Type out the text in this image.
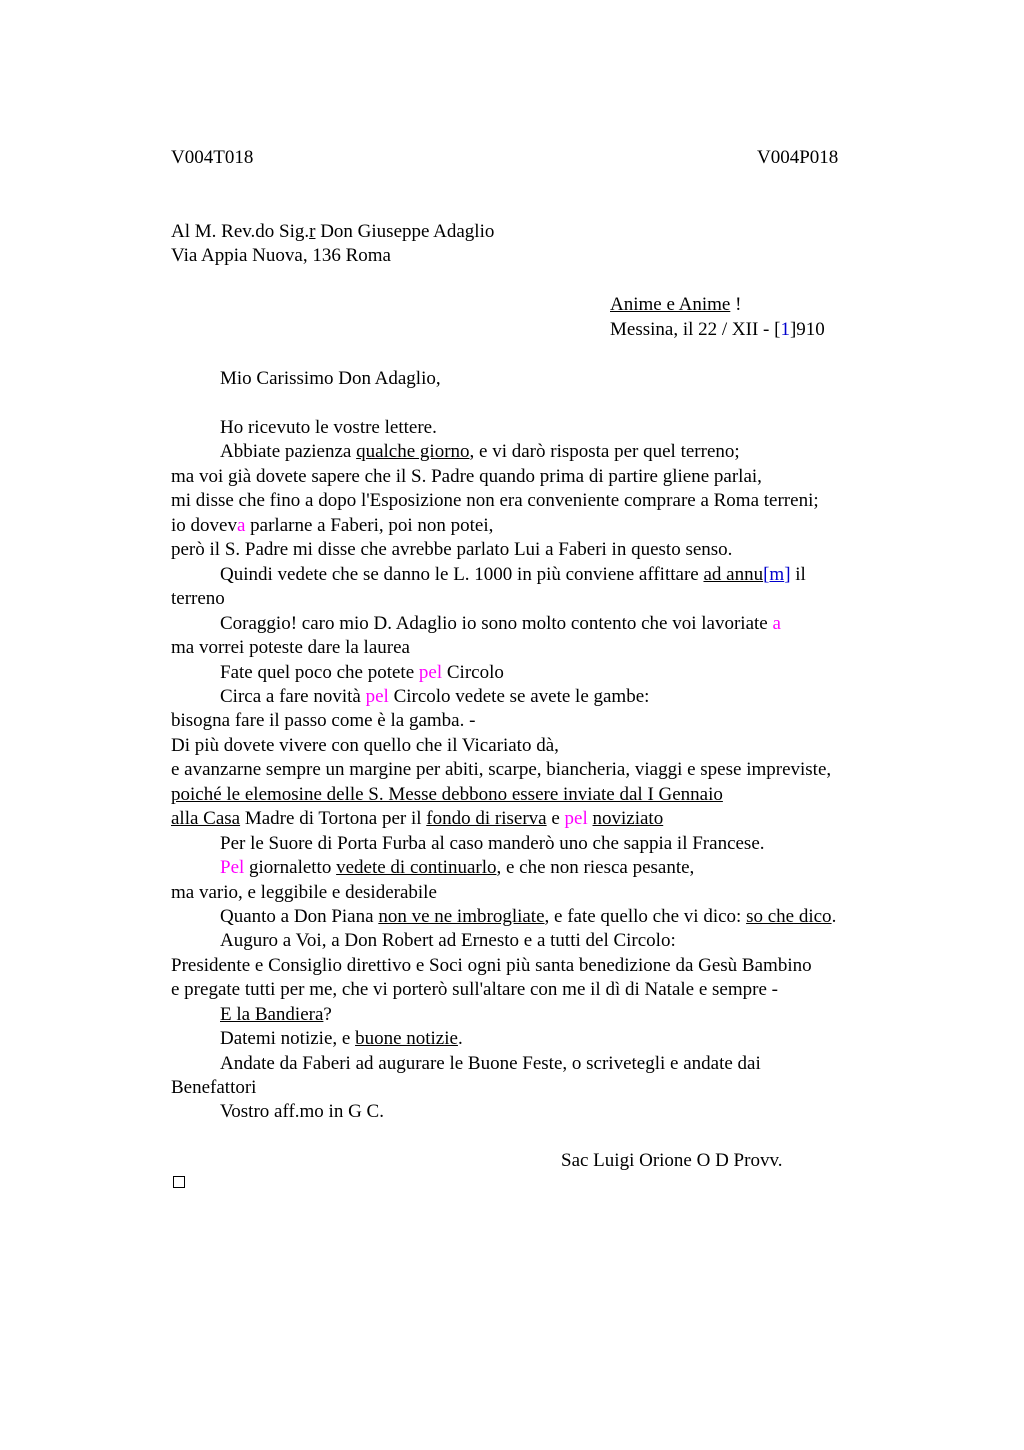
V004T018	V004P018

Al M. Rev.do Sig.r Don Giuseppe Adaglio

Via Appia Nuova, 136 Roma

Anime e Anime !

Messina, il 22 / XII - [1]910

Mio Carissimo Don Adaglio,

Ho ricevuto le vostre lettere.

Abbiate pazienza qualche giorno, e vi darò risposta per quel terreno;

ma voi già dovete sapere che il S. Padre quando prima di partire gliene parlai,

mi disse che fino a dopo l'Esposizione non era conveniente comprare a Roma terreni;

io doveva parlarne a Faberi, poi non potei,

però il S. Padre mi disse che avrebbe parlato Lui a Faberi in questo senso.

Quindi vedete che se danno le L. 1000 in più conviene affittare ad annu[m] il

terreno

Coraggio! caro mio D. Adaglio io sono molto contento che voi lavoriate a

ma vorrei poteste dare la laurea

Fate quel poco che potete pel Circolo

Circa a fare novità pel Circolo vedete se avete le gambe:

bisogna fare il passo come è la gamba. -

Di più dovete vivere con quello che il Vicariato dà,

e avanzarne sempre un margine per abiti, scarpe, biancheria, viaggi e spese impreviste,

poiché le elemosine delle S. Messe debbono essere inviate dal I Gennaio

alla Casa Madre di Tortona per il fondo di riserva e pel noviziato

Per le Suore di Porta Furba al caso manderò uno che sappia il Francese.

Pel giornaletto vedete di continuarlo, e che non riesca pesante,

ma vario, e leggibile e desiderabile

Quanto a Don Piana non ve ne imbrogliate, e fate quello che vi dico: so che dico.

Auguro a Voi, a Don Robert ad Ernesto e a tutti del Circolo:

Presidente e Consiglio direttivo e Soci ogni più santa benedizione da Gesù Bambino

e pregate tutti per me, che vi porterò sull'altare con me il dì di Natale e sempre -

E la Bandiera?

Datemi notizie, e buone notizie.

Andate da Faberi ad augurare le Buone Feste, o scrivetegli e andate dai

Benefattori

Vostro aff.mo in G C.

Sac Luigi Orione O D Provv.
